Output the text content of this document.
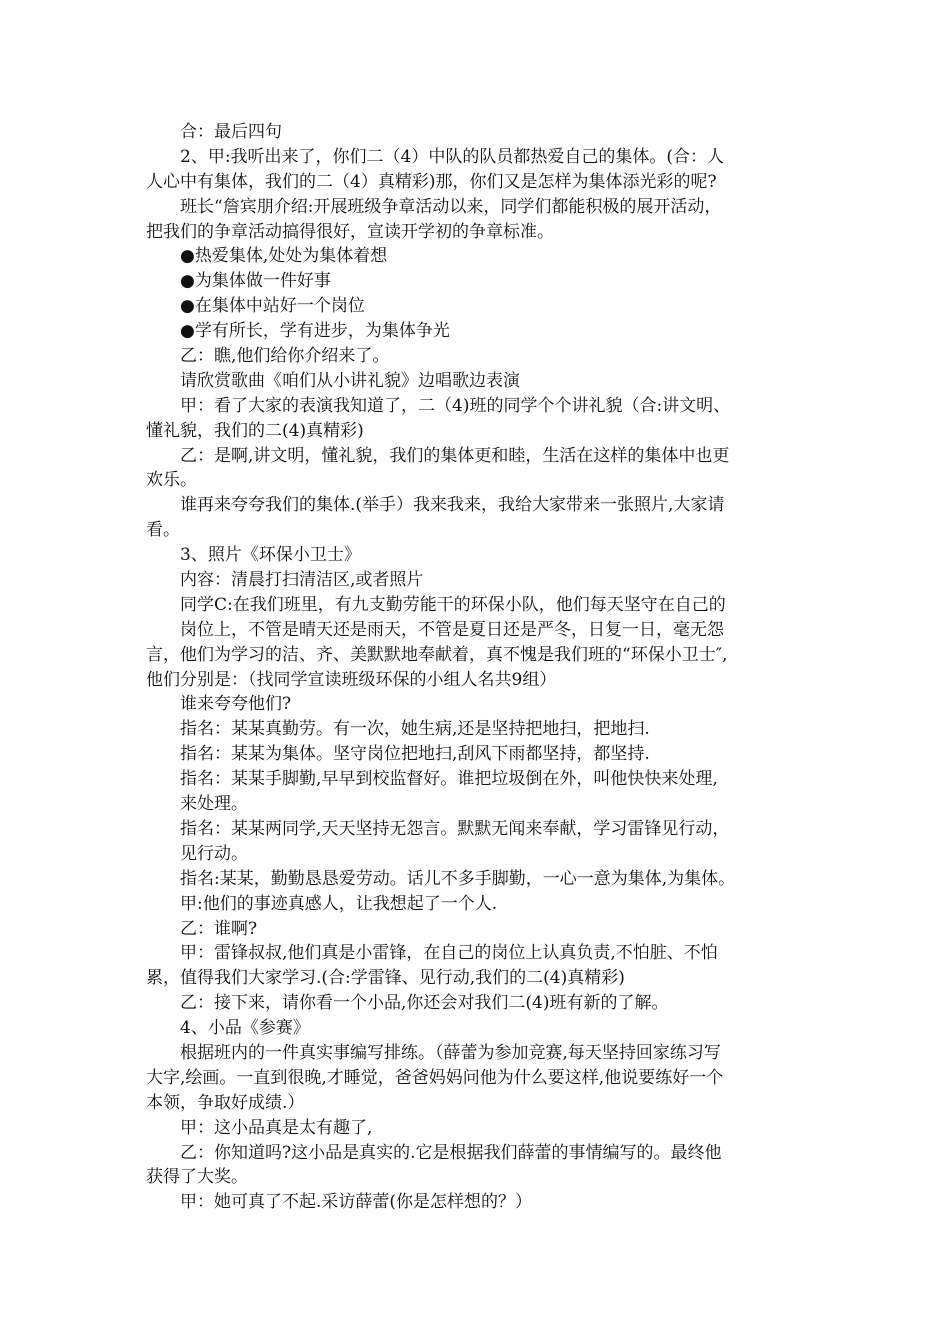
合：最后四句
2、甲:我听出来了，你们二（4）中队的队员都热爱自己的集体。(合：人
人心中有集体，我们的二（4）真精彩)那，你们又是怎样为集体添光彩的呢?
班长“詹宾朋介绍:开展班级争章活动以来，同学们都能积极的展开活动，
把我们的争章活动搞得很好，宣读开学初的争章标准。
●热爱集体,处处为集体着想
●为集体做一件好事
●在集体中站好一个岗位
●学有所长，学有进步，为集体争光
乙：瞧,他们给你介绍来了。
请欣赏歌曲《咱们从小讲礼貌》边唱歌边表演
甲：看了大家的表演我知道了，二（4)班的同学个个讲礼貌（合:讲文明、
懂礼貌，我们的二(4)真精彩)
乙：是啊,讲文明，懂礼貌，我们的集体更和睦，生活在这样的集体中也更
欢乐。
谁再来夸夸我们的集体.(举手）我来我来，我给大家带来一张照片,大家请
看。
3、照片《环保小卫士》
内容：清晨打扫清洁区,或者照片
同学C:在我们班里，有九支勤劳能干的环保小队，他们每天坚守在自己的
岗位上，不管是晴天还是雨天，不管是夏日还是严冬，日复一日，毫无怨
言，他们为学习的洁、齐、美默默地奉献着，真不愧是我们班的“环保小卫士″,
他们分别是：（找同学宣读班级环保的小组人名共9组）
谁来夸夸他们?
指名：某某真勤劳。有一次，她生病,还是坚持把地扫，把地扫.
指名：某某为集体。坚守岗位把地扫,刮风下雨都坚持，都坚持.
指名：某某手脚勤,早早到校监督好。谁把垃圾倒在外，叫他快快来处理,
来处理。
指名：某某两同学,天天坚持无怨言。默默无闻来奉献，学习雷锋见行动，
见行动。
指名:某某，勤勤恳恳爱劳动。话儿不多手脚勤，一心一意为集体,为集体。
甲:他们的事迹真感人，让我想起了一个人.
乙：谁啊?
甲：雷锋叔叔,他们真是小雷锋，在自己的岗位上认真负责,不怕脏、不怕
累，值得我们大家学习.(合:学雷锋、见行动,我们的二(4)真精彩)
乙：接下来，请你看一个小品,你还会对我们二(4)班有新的了解。
4、小品《参赛》
根据班内的一件真实事编写排练。（薛蕾为参加竞赛,每天坚持回家练习写
大字,绘画。一直到很晚,才睡觉，爸爸妈妈问他为什么要这样,他说要练好一个
本领，争取好成绩.）
甲：这小品真是太有趣了,
乙：你知道吗?这小品是真实的.它是根据我们薛蕾的事情编写的。最终他
获得了大奖。
甲：她可真了不起.采访薛蕾(你是怎样想的？）
